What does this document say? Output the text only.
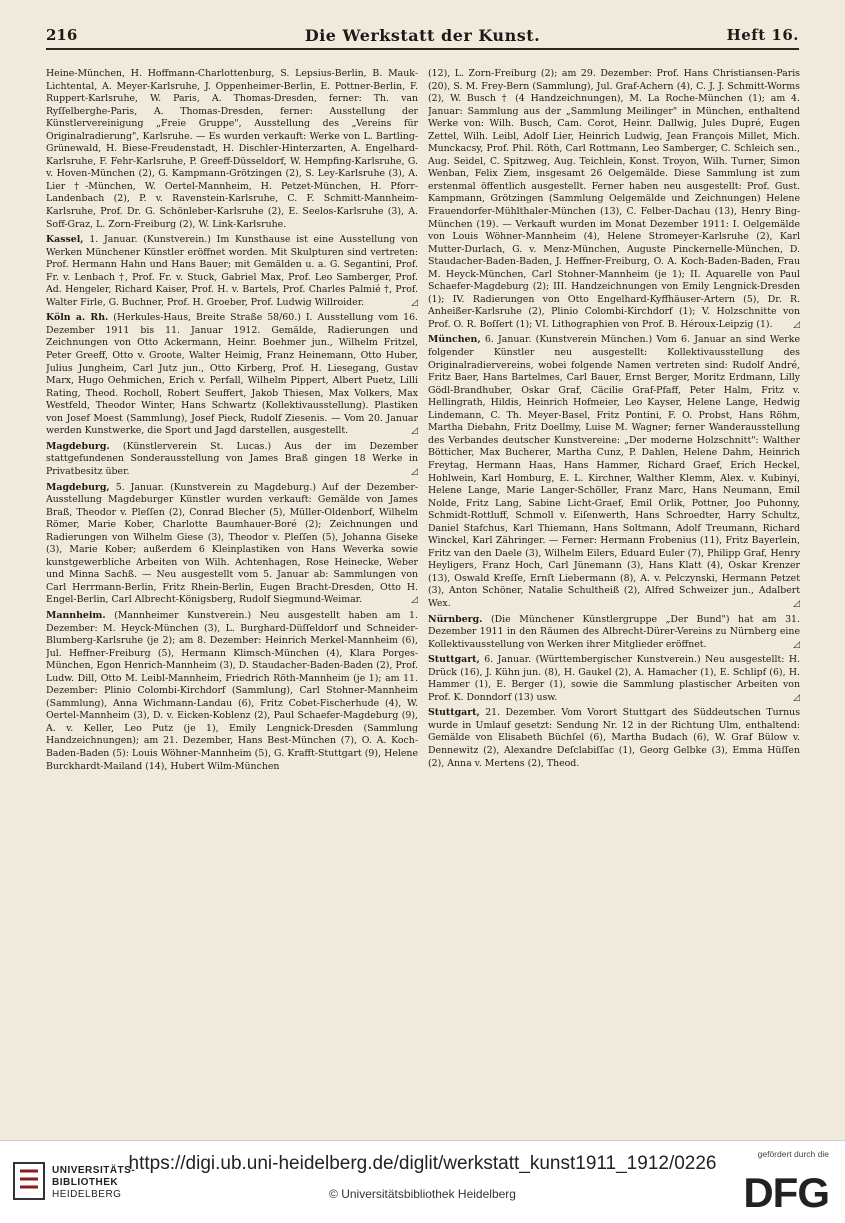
216	Die Werkstatt der Kunst.	Heft 16.

Heine-München, H. Hoffmann-Charlottenburg, S. Lepsius-Berlin, B. Mauk-Lichtental, A. Meyer-Karlsruhe, J. Oppenheimer-Berlin, E. Pottner-Berlin, F. Ruppert-Karlsruhe, W. Paris, A. Thomas-Dresden, ferner: Th. van Ryſſelberghe-Paris, A. Thomas-Dresden, ferner: Ausstellung der Künstlervereinigung „Freie Gruppe", Ausstellung des „Vereins für Originalradierung", Karlsruhe. — Es wurden verkauft: Werke von L. Bartling-Grünewald, H. Biese-Freudenstadt, H. Dischler-Hinterzarten, A. Engelhard-Karlsruhe, F. Fehr-Karlsruhe, P. Greeff-Düsseldorf, W. Hempfing-Karlsruhe, G. v. Hoven-München (2), G. Kampmann-Grötzingen (2), S. Ley-Karlsruhe (3), A. Lier †-München, W. Oertel-Mannheim, H. Petzet-München, H. Pforr-Landenbach (2), P. v. Ravenstein-Karlsruhe, C. F. Schmitt-Mannheim-Karlsruhe, Prof. Dr. G. Schönleber-Karlsruhe (2), E. Seelos-Karlsruhe (3), A. Soff-Graz, L. Zorn-Freiburg (2), W. Link-Karlsruhe.

Kassel, 1. Januar. (Kunstverein.) Im Kunsthause ist eine Ausstellung von Werken Münchener Künstler eröffnet worden. Mit Skulpturen sind vertreten: Prof. Hermann Hahn und Hans Bauer; mit Gemälden u. a. G. Segantini, Prof. Fr. v. Lenbach †, Prof. Fr. v. Stuck, Gabriel Max, Prof. Leo Samberger, Prof. Ad. Hengeler, Richard Kaiser, Prof. H. v. Bartels, Prof. Charles Palmié †, Prof. Walter Firle, G. Buchner, Prof. H. Groeber, Prof. Ludwig Willroider.	◿

Köln a. Rh. (Herkules-Haus, Breite Straße 58/60.) I. Ausstellung vom 16. Dezember 1911 bis 11. Januar 1912. Gemälde, Radierungen und Zeichnungen von Otto Ackermann, Heinr. Boehmer jun., Wilhelm Fritzel, Peter Greeff, Otto v. Groote, Walter Heimig, Franz Heinemann, Otto Huber, Julius Jungheim, Carl Jutz jun., Otto Kirberg, Prof. H. Liesegang, Gustav Marx, Hugo Oehmichen, Erich v. Perfall, Wilhelm Pippert, Albert Puetz, Lilli Rating, Theod. Rocholl, Robert Seuffert, Jakob Thiesen, Max Volkers, Max Westfeld, Theodor Winter, Hans Schwartz (Kollektivausstellung). Plastiken von Josef Moest (Sammlung), Josef Pieck, Rudolf Ziesenis. — Vom 20. Januar werden Kunstwerke, die Sport und Jagd darstellen, ausgestellt.	◿

Magdeburg. (Künstlerverein St. Lucas.) Aus der im Dezember stattgefundenen Sonderausstellung von James Braß gingen 18 Werke in Privatbesitz über.	◿

Magdeburg, 5. Januar. (Kunstverein zu Magdeburg.) Auf der Dezember-Ausstellung Magdeburger Künstler wurden verkauft: Gemälde von James Braß, Theodor v. Pleſſen (2), Conrad Blecher (5), Müller-Oldenborf, Wilhelm Römer, Marie Kober, Charlotte Baumhauer-Boré (2); Zeichnungen und Radierungen von Wilhelm Giese (3), Theodor v. Pleſſen (5), Johanna Giseke (3), Marie Kober; außerdem 6 Kleinplastiken von Hans Weverka sowie kunstgewerbliche Arbeiten von Wilh. Achtenhagen, Rose Heinecke, Weber und Minna Sachß. — Neu ausgestellt vom 5. Januar ab: Sammlungen von Carl Herrmann-Berlin, Fritz Rhein-Berlin, Eugen Bracht-Dresden, Otto H. Engel-Berlin, Carl Albrecht-Königsberg, Rudolf Siegmund-Weimar.	◿

Mannheim. (Mannheimer Kunstverein.) Neu ausgestellt haben am 1. Dezember: M. Heyck-München (3), L. Burghard-Düſſeldorf und Schneider-Blumberg-Karlsruhe (je 2); am 8. Dezember: Heinrich Merkel-Mannheim (6), Jul. Heffner-Freiburg (5), Hermann Klimsch-München (4), Klara Porges-München, Egon Henrich-Mannheim (3), D. Staudacher-Baden-Baden (2), Prof. Ludw. Dill, Otto M. Leibl-Mannheim, Friedrich Röth-Mannheim (je 1); am 11. Dezember: Plinio Colombi-Kirchdorf (Sammlung), Carl Stohner-Mannheim (Sammlung), Anna Wichmann-Landau (6), Fritz Cobet-Fischerhude (4), W. Oertel-Mannheim (3), D. v. Eicken-Koblenz (2), Paul Schaefer-Magdeburg (9), A. v. Keller, Leo Putz (je 1), Emily Lengnick-Dresden (Sammlung Handzeichnungen); am 21. Dezember, Hans Best-München (7), O. A. Koch-Baden-Baden (5): Louis Wöhner-Mannheim (5), G. Krafft-Stuttgart (9), Helene Burckhardt-Mailand (14), Hubert Wilm-München

(12), L. Zorn-Freiburg (2); am 29. Dezember: Prof. Hans Christiansen-Paris (20), S. M. Frey-Bern (Sammlung), Jul. Graf-Achern (4), C. J. J. Schmitt-Worms (2), W. Busch † (4 Handzeichnungen), M. La Roche-München (1); am 4. Januar: Sammlung aus der „Sammlung Meilinger" in München, enthaltend Werke von: Wilh. Busch, Cam. Corot, Heinr. Dallwig, Jules Dupré, Eugen Zettel, Wilh. Leibl, Adolf Lier, Heinrich Ludwig, Jean François Millet, Mich. Munckacsy, Prof. Phil. Röth, Carl Rottmann, Leo Samberger, C. Schleich sen., Aug. Seidel, C. Spitzweg, Aug. Teichlein, Konst. Troyon, Wilh. Turner, Simon Wenban, Felix Ziem, insgesamt 26 Oelgemälde. Diese Sammlung ist zum erstenmal öffentlich ausgestellt. Ferner haben neu ausgestellt: Prof. Gust. Kampmann, Grötzingen (Sammlung Oelgemälde und Zeichnungen) Helene Frauendorfer-Mühlthaler-München (13), C. Felber-Dachau (13), Henry Bing-München (19). — Verkauft wurden im Monat Dezember 1911: I. Oelgemälde von Louis Wöhner-Mannheim (4), Helene Stromeyer-Karlsruhe (2), Karl Mutter-Durlach, G. v. Menz-München, Auguste Pinckernelle-München, D. Staudacher-Baden-Baden, J. Heffner-Freiburg, O. A. Koch-Baden-Baden, Frau M. Heyck-München, Carl Stohner-Mannheim (je 1); II. Aquarelle von Paul Schaefer-Magdeburg (2); III. Handzeichnungen von Emily Lengnick-Dresden (1); IV. Radierungen von Otto Engelhard-Kyffhäuser-Artern (5), Dr. R. Anheißer-Karlsruhe (2), Plinio Colombi-Kirchdorf (1); V. Holzschnitte von Prof. O. R. Boſſert (1); VI. Lithographien von Prof. B. Héroux-Leipzig (1). ◿

München, 6. Januar. (Kunstverein München.) Vom 6. Januar an sind Werke folgender Künstler neu ausgestellt: Kollektivausstellung des Originalradiervereins, wobei folgende Namen vertreten sind: Rudolf André, Fritz Baer, Hans Bartelmes, Carl Bauer, Ernst Berger, Moritz Erdmann, Lilly Gödl-Brandhuber, Oskar Graf, Cäcilie Graf-Pfaff, Peter Halm, Fritz v. Hellingrath, Hildis, Heinrich Hofmeier, Leo Kayser, Helene Lange, Hedwig Lindemann, C. Th. Meyer-Basel, Fritz Pontini, F. O. Probst, Hans Röhm, Martha Diebahn, Fritz Doellmy, Luise M. Wagner; ferner Wanderausstellung des Verbandes deutscher Kunstvereine: „Der moderne Holzschnitt": Walther Bötticher, Max Bucherer, Martha Cunz, P. Dahlen, Helene Dahm, Heinrich Freytag, Hermann Haas, Hans Hammer, Richard Graef, Erich Heckel, Hohlwein, Karl Homburg, E. L. Kirchner, Walther Klemm, Alex. v. Kubinyi, Helene Lange, Marie Langer-Schöller, Franz Marc, Hans Neumann, Emil Nolde, Fritz Lang, Sabine Licht-Graef, Emil Orlik, Pottner, Joo Puhonny, Schmidt-Rottluff, Schmoll v. Eiſenwerth, Hans Schroedter, Harry Schultz, Daniel Stafchus, Karl Thiemann, Hans Soltmann, Adolf Treumann, Richard Winckel, Karl Zähringer. — Ferner: Hermann Frobenius (11), Fritz Bayerlein, Fritz van den Daele (3), Wilhelm Eilers, Eduard Euler (7), Philipp Graf, Henry Heyligers, Franz Hoch, Carl Jünemann (3), Hans Klatt (4), Oskar Krenzer (13), Oswald Kreſſe, Ernſt Liebermann (8), A. v. Pelczynski, Hermann Petzet (3), Anton Schöner, Natalie Schultheiß (2), Alfred Schweizer jun., Adalbert Wex.	◿

Nürnberg. (Die Münchener Künstlergruppe „Der Bund") hat am 31. Dezember 1911 in den Räumen des Albrecht-Dürer-Vereins zu Nürnberg eine Kollektivausstellung von Werken ihrer Mitglieder eröffnet.	◿

Stuttgart, 6. Januar. (Württembergischer Kunstverein.) Neu ausgestellt: H. Drück (16), J. Kühn jun. (8), H. Gaukel (2), A. Hamacher (1), E. Schlipf (6), H. Hammer (1), E. Berger (1), sowie die Sammlung plastischer Arbeiten von Prof. K. Donndorf (13) usw.	◿

Stuttgart, 21. Dezember. Vom Vorort Stuttgart des Süddeutschen Turnus wurde in Umlauf gesetzt: Sendung Nr. 12 in der Richtung Ulm, enthaltend: Gemälde von Elisabeth Büchſel (6), Martha Budach (6), W. Graf Bülow v. Dennewitz (2), Alexandre Deſclabiſſac (1), Georg Gelbke (3), Emma Hüſſen (2), Anna v. Mertens (2), Theod.

UNIVERSITÄTS-
BIBLIOTHEK
HEIDELBERG
https://digi.ub.uni-heidelberg.de/diglit/werkstatt_kunst1911_1912/0226
© Universitätsbibliothek Heidelberg
gefördert durch die
DFG
